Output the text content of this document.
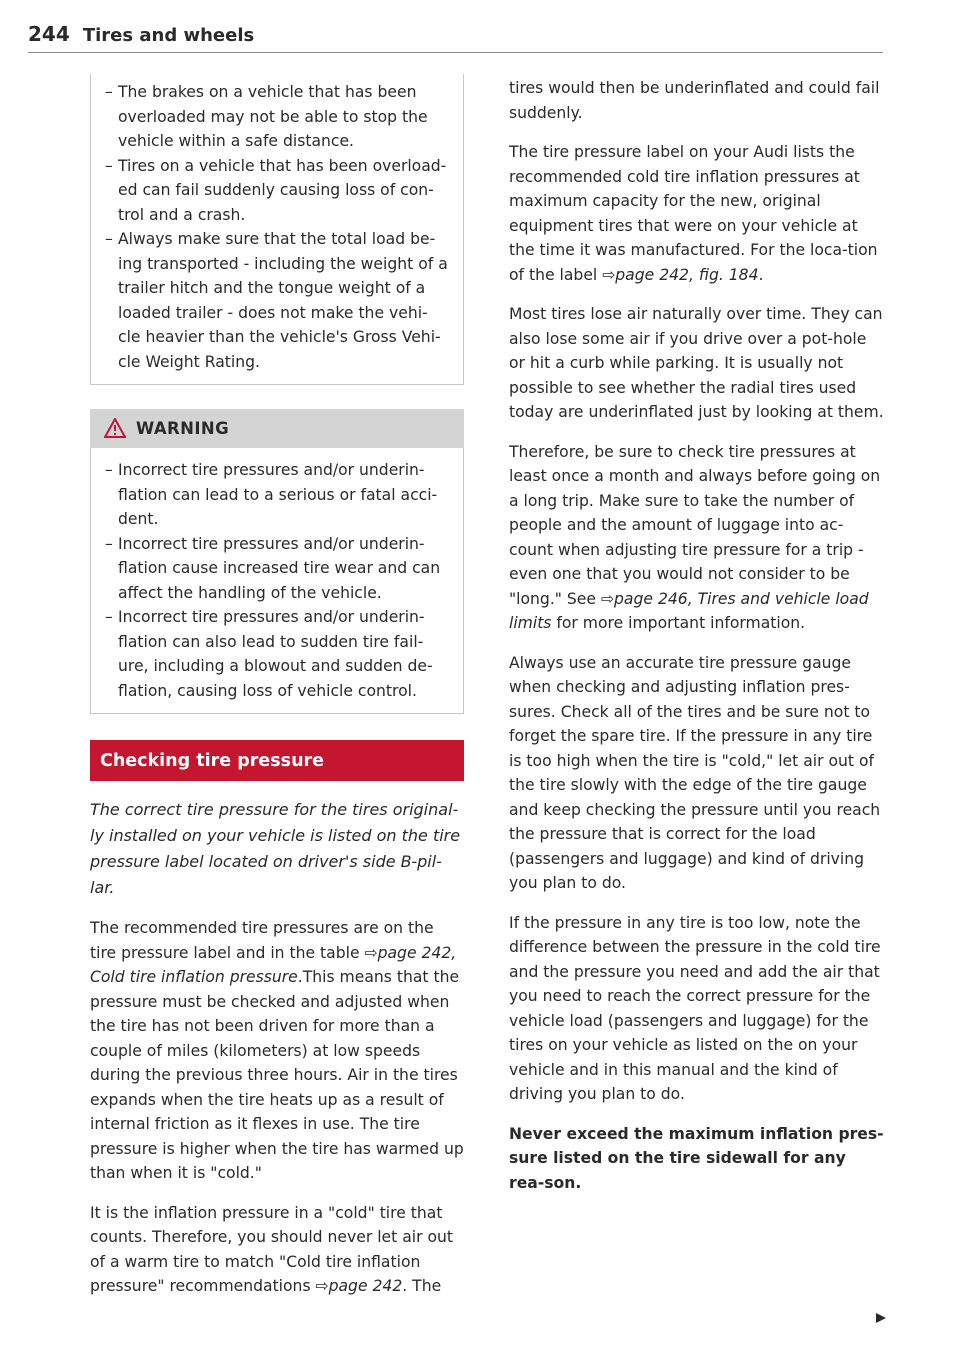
244 Tires and wheels
– The brakes on a vehicle that has been overloaded may not be able to stop the vehicle within a safe distance.
– Tires on a vehicle that has been overload-ed can fail suddenly causing loss of con-trol and a crash.
– Always make sure that the total load be-ing transported - including the weight of a trailer hitch and the tongue weight of a loaded trailer - does not make the vehi-cle heavier than the vehicle's Gross Vehi-cle Weight Rating.
WARNING
– Incorrect tire pressures and/or underin-flation can lead to a serious or fatal acci-dent.
– Incorrect tire pressures and/or underin-flation cause increased tire wear and can affect the handling of the vehicle.
– Incorrect tire pressures and/or underin-flation can also lead to sudden tire fail-ure, including a blowout and sudden de-flation, causing loss of vehicle control.
Checking tire pressure

The correct tire pressure for the tires original-ly installed on your vehicle is listed on the tire pressure label located on driver's side B-pil-lar.

The recommended tire pressures are on the tire pressure label and in the table ⇨page 242, Cold tire inflation pressure.This means that the pressure must be checked and adjusted when the tire has not been driven for more than a couple of miles (kilometers) at low speeds during the previous three hours. Air in the tires expands when the tire heats up as a result of internal friction as it flexes in use. The tire pressure is higher when the tire has warmed up than when it is "cold."

It is the inflation pressure in a "cold" tire that counts. Therefore, you should never let air out of a warm tire to match "Cold tire inflation pressure" recommendations ⇨page 242. The

tires would then be underinflated and could fail suddenly.

The tire pressure label on your Audi lists the recommended cold tire inflation pressures at maximum capacity for the new, original equipment tires that were on your vehicle at the time it was manufactured. For the loca-tion of the label ⇨page 242, fig. 184.

Most tires lose air naturally over time. They can also lose some air if you drive over a pot-hole or hit a curb while parking. It is usually not possible to see whether the radial tires used today are underinflated just by looking at them.

Therefore, be sure to check tire pressures at least once a month and always before going on a long trip. Make sure to take the number of people and the amount of luggage into ac-count when adjusting tire pressure for a trip - even one that you would not consider to be "long." See ⇨page 246, Tires and vehicle load limits for more important information.

Always use an accurate tire pressure gauge when checking and adjusting inflation pres-sures. Check all of the tires and be sure not to forget the spare tire. If the pressure in any tire is too high when the tire is "cold," let air out of the tire slowly with the edge of the tire gauge and keep checking the pressure until you reach the pressure that is correct for the load (passengers and luggage) and kind of driving you plan to do.

If the pressure in any tire is too low, note the difference between the pressure in the cold tire and the pressure you need and add the air that you need to reach the correct pressure for the vehicle load (passengers and luggage) for the tires on your vehicle as listed on the on your vehicle and in this manual and the kind of driving you plan to do.

Never exceed the maximum inflation pres-sure listed on the tire sidewall for any rea-son.
